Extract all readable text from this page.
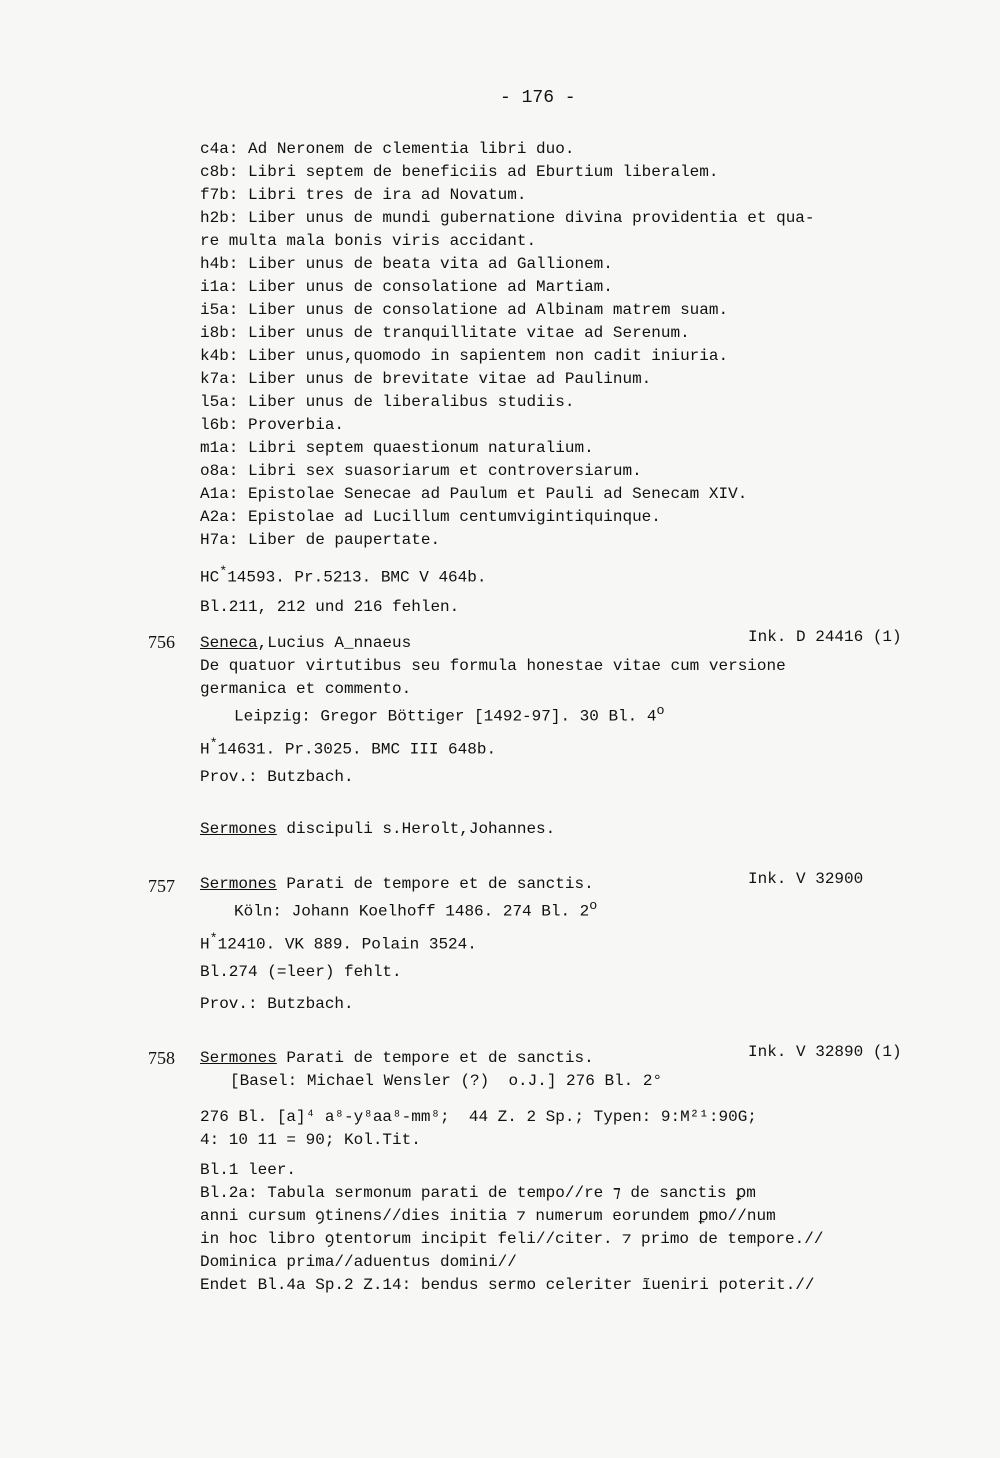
- 176 -
c4a: Ad Neronem de clementia libri duo.
c8b: Libri septem de beneficiis ad Eburtium liberalem.
f7b: Libri tres de ira ad Novatum.
h2b: Liber unus de mundi gubernatione divina providentia et qua-
re multa mala bonis viris accidant.
h4b: Liber unus de beata vita ad Gallionem.
i1a: Liber unus de consolatione ad Martiam.
i5a: Liber unus de consolatione ad Albinam matrem suam.
i8b: Liber unus de tranquillitate vitae ad Serenum.
k4b: Liber unus,quomodo in sapientem non cadit iniuria.
k7a: Liber unus de brevitate vitae ad Paulinum.
l5a: Liber unus de liberalibus studiis.
l6b: Proverbia.
m1a: Libri septem quaestionum naturalium.
o8a: Libri sex suasoriarum et controversiarum.
A1a: Epistolae Senecae ad Paulum et Pauli ad Senecam XIV.
A2a: Epistolae ad Lucillum centumvigintiquinque.
H7a: Liber de paupertate.
HC*14593. Pr.5213. BMC V 464b.
Bl.211, 212 und 216 fehlen.
756 Seneca,Lucius A_nnaeus	Ink. D 24416 (1)
De quatuor virtutibus seu formula honestae vitae cum versione
germanica et commento.
Leipzig: Gregor Böttiger [1492-97]. 30 Bl. 4$^o$
H*14631. Pr.3025. BMC III 648b.
Prov.: Butzbach.
Sermones discipuli s.Herolt,Johannes.
757 Sermones Parati de tempore et de sanctis.	Ink. V 32900
Köln: Johann Koelhoff 1486. 274 Bl. 2$^o$
H*12410. VK 889. Polain 3524.
Bl.274 (=leer) fehlt.
Prov.: Butzbach.
758 Sermones Parati de tempore et de sanctis.	Ink. V 32890 (1)
[Basel: Michael Wensler (?)  o.J.] 276 Bl. 2°
276 Bl. [a]⁴ a⁸-y⁸aa⁸-mm⁸;  44 Z. 2 Sp.; Typen: 9:M²¹:90G;
4: 10 11 = 90; Kol.Tit.
Bl.1 leer.
Bl.2a: Tabula sermonum parati de tempo//re ⁊ de sanctis ꝑm
anni cursum ꝯtinens//dies initia ⁊ numerum eorundem ꝑmo//num
in hoc libro ꝯtentorum incipit feli//citer. ⁊ primo de tempore.//
Dominica prima//aduentus domini//
Endet Bl.4a Sp.2 Z.14: bendus sermo celeriter ĩueniri poterit.//
